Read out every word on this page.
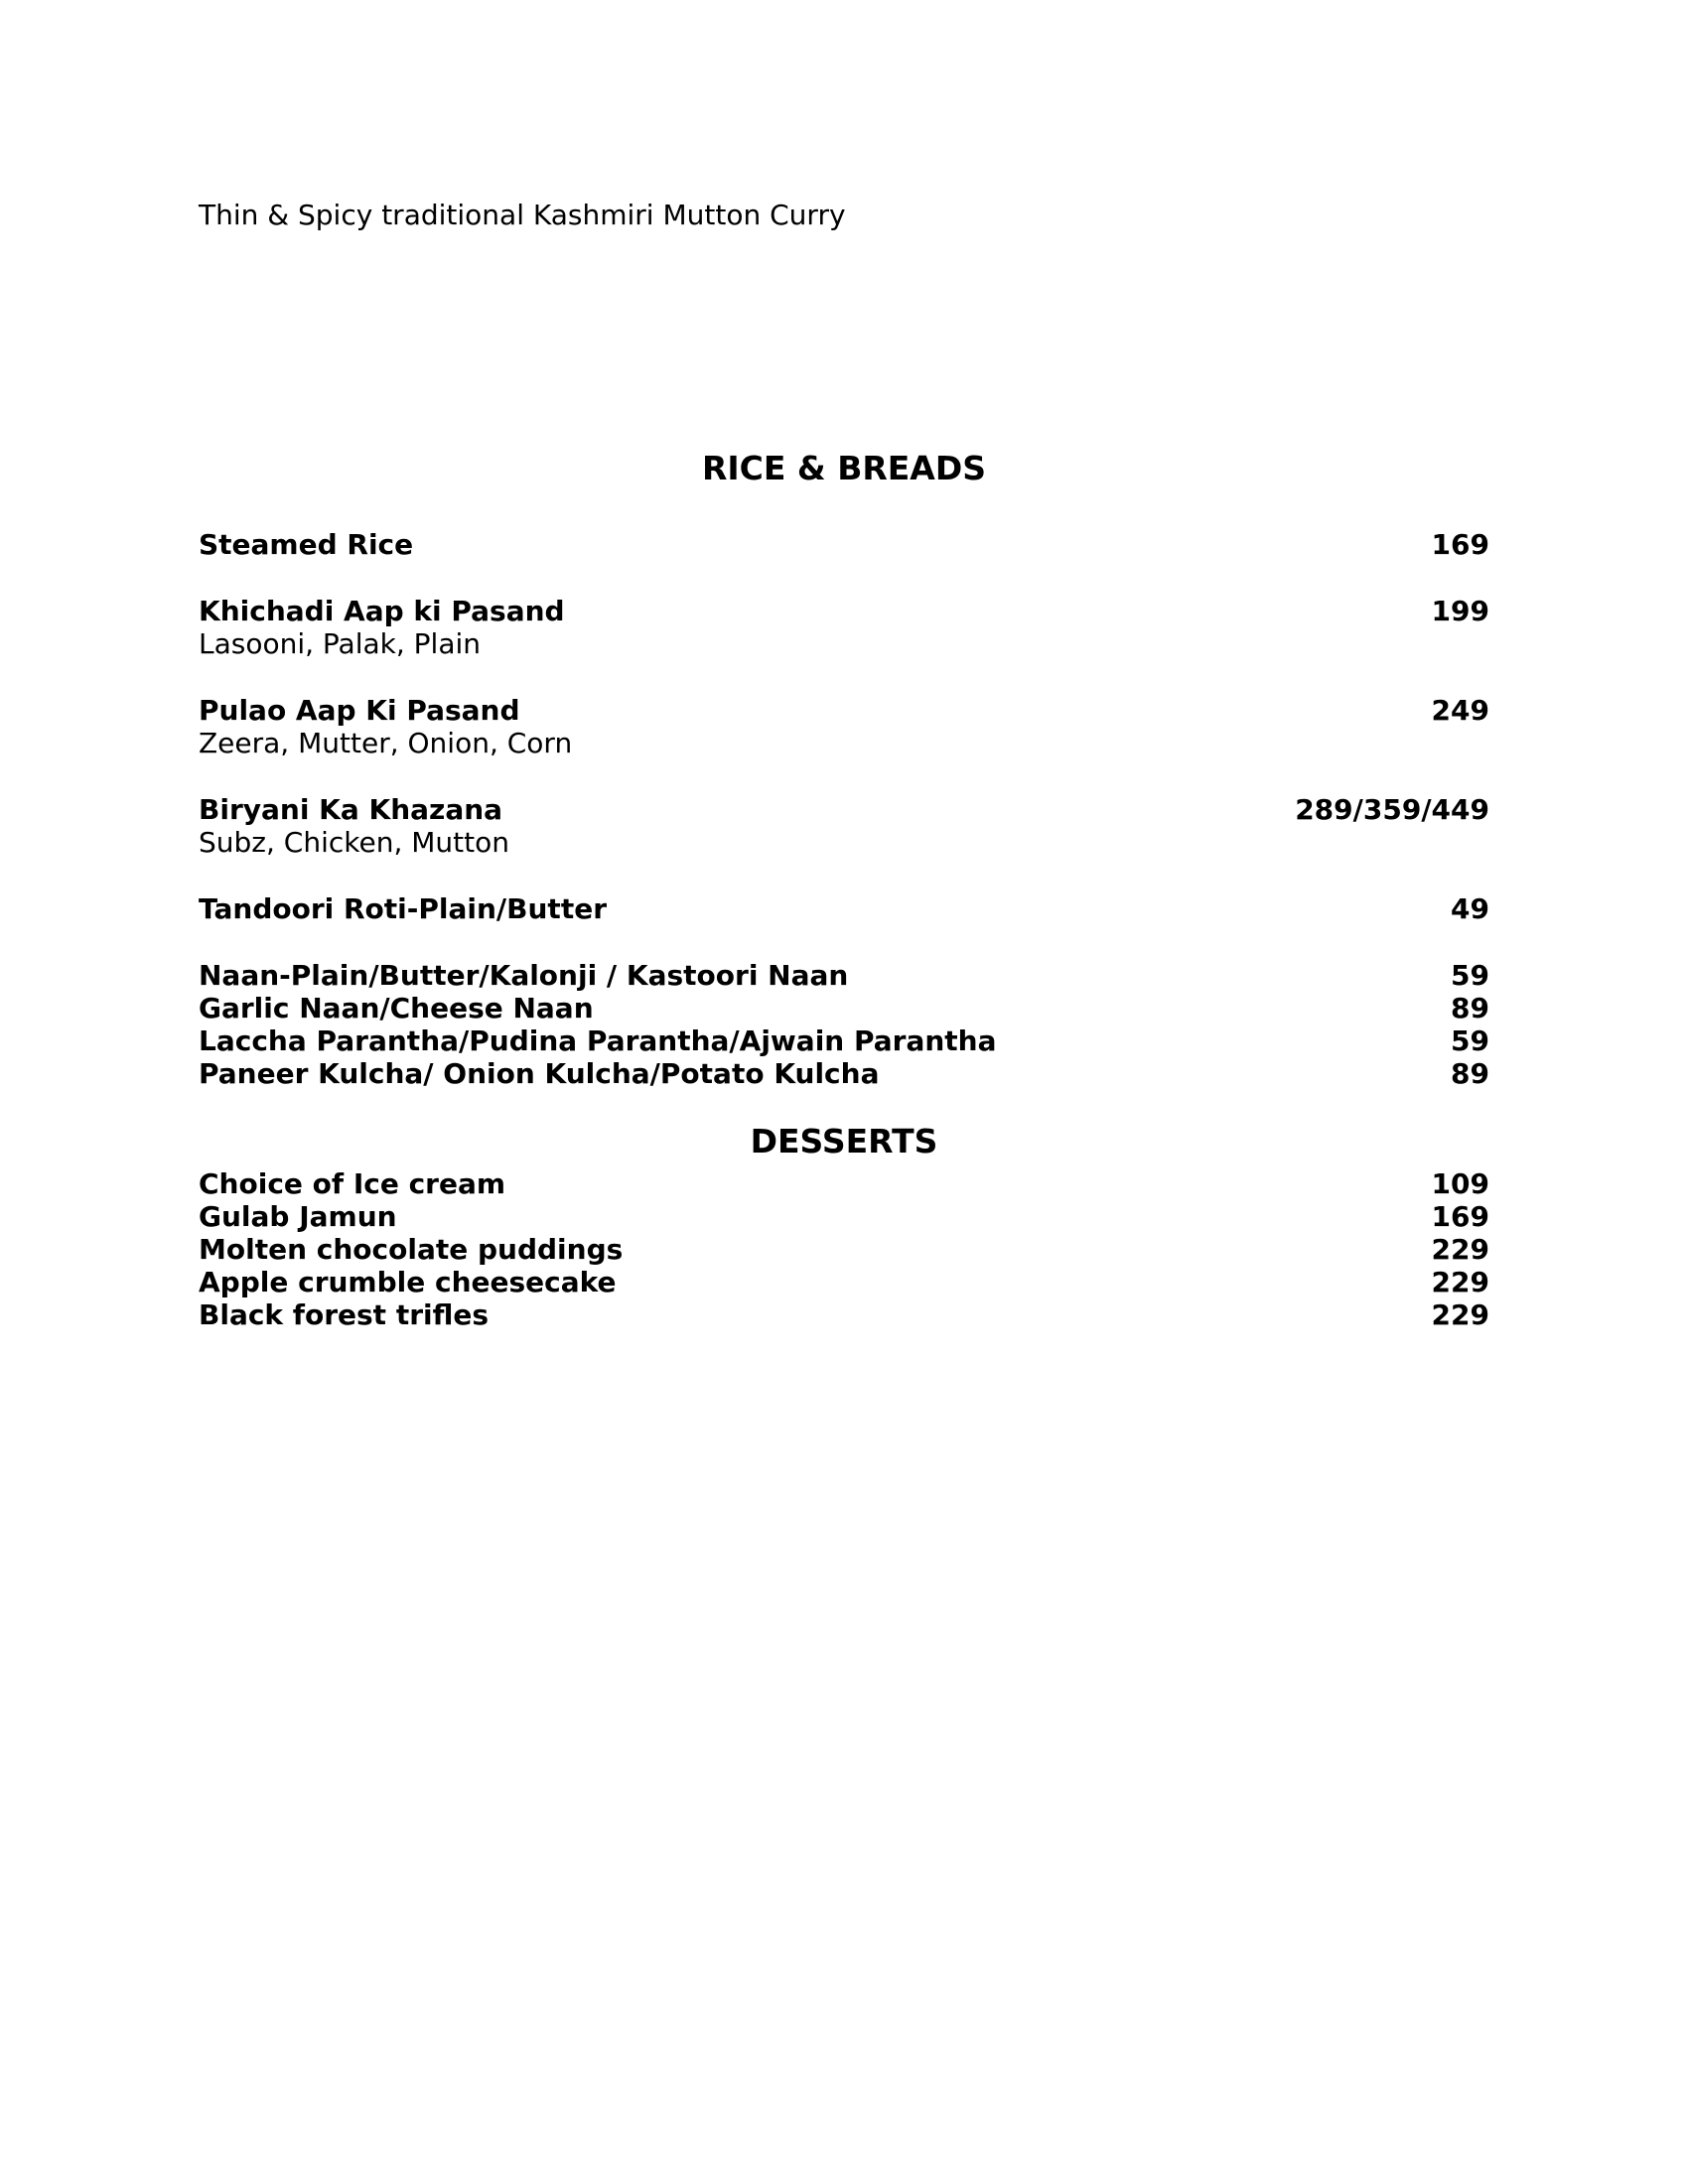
Thin & Spicy traditional Kashmiri Mutton Curry
RICE & BREADS
Steamed Rice	169
Khichadi Aap ki Pasand	199
Lasooni, Palak, Plain
Pulao Aap Ki Pasand	249
Zeera, Mutter, Onion, Corn
Biryani Ka Khazana	289/359/449
Subz, Chicken, Mutton
Tandoori Roti-Plain/Butter	49
Naan-Plain/Butter/Kalonji / Kastoori Naan	59
Garlic Naan/Cheese Naan	89
Laccha Parantha/Pudina Parantha/Ajwain Parantha	59
Paneer Kulcha/ Onion Kulcha/Potato Kulcha	89
DESSERTS
Choice of Ice cream	109
Gulab Jamun	169
Molten chocolate puddings	229
Apple crumble cheesecake	229
Black forest trifles	229
